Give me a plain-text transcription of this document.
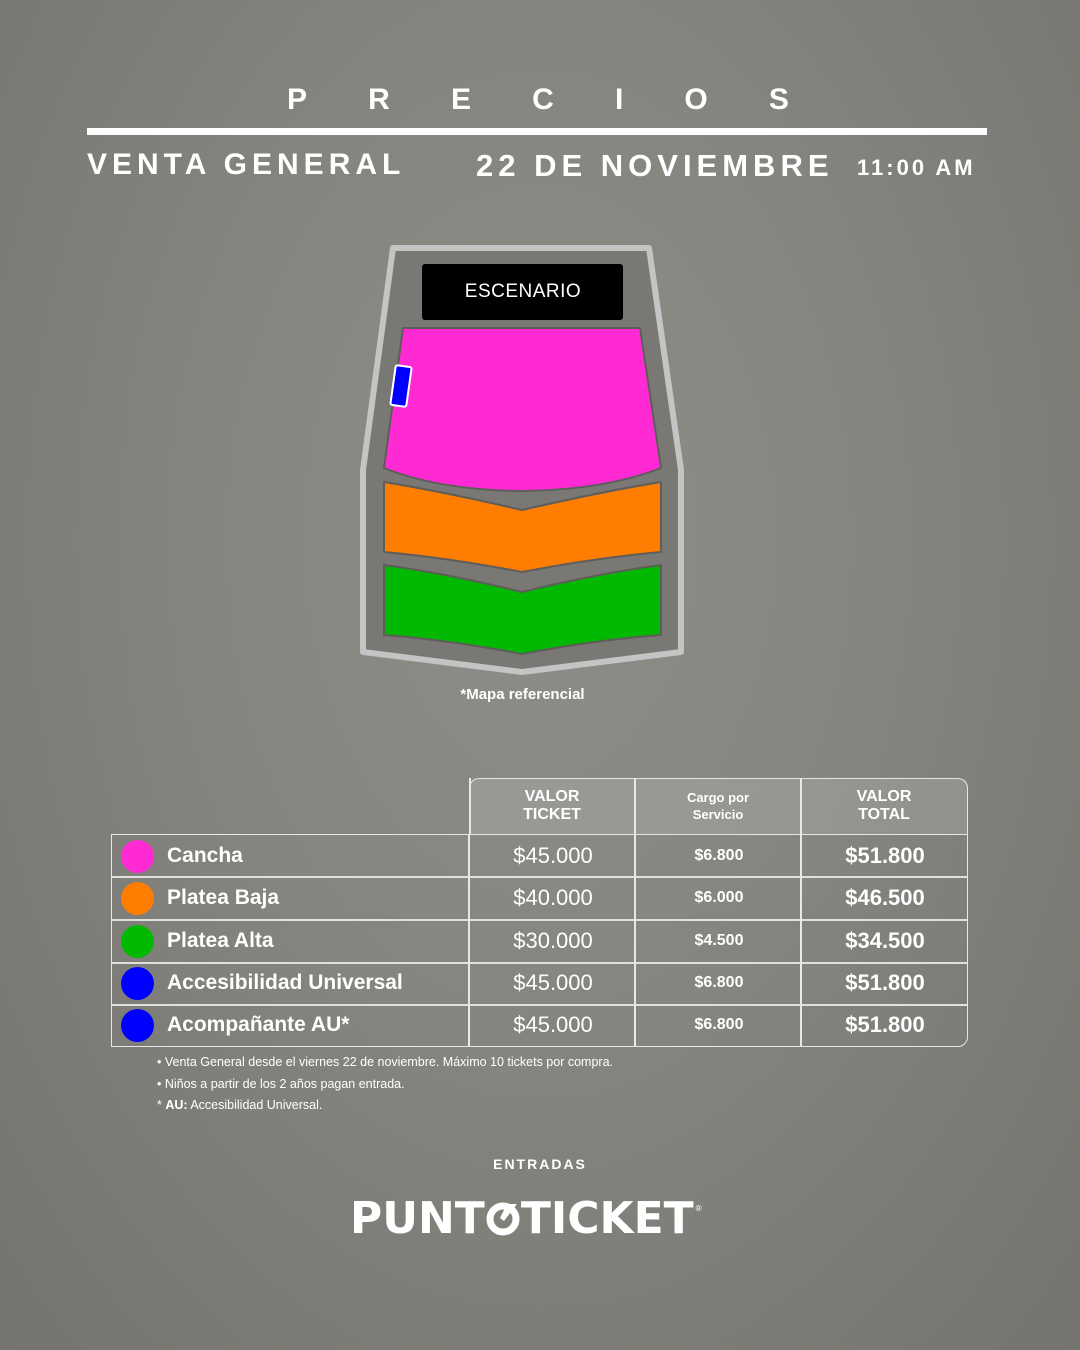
P R E C I O S
VENTA GENERAL 22 DE NOVIEMBRE 11:00 AM
ESCENARIO
*Mapa referencial
VALOR
TICKET
Cargo por
Servicio
VALOR
TOTAL
Cancha	$45.000	$6.800	$51.800
Platea Baja	$40.000	$6.000	$46.500
Platea Alta	$30.000	$4.500	$34.500
Accesibilidad Universal	$45.000	$6.800	$51.800
Acompañante AU*	$45.000	$6.800	$51.800
• Venta General desde el viernes 22 de noviembre. Máximo 10 tickets por compra.
• Niños a partir de los 2 años pagan entrada.
* AU: Accesibilidad Universal.
ENTRADAS
PUNT TICKET ®
